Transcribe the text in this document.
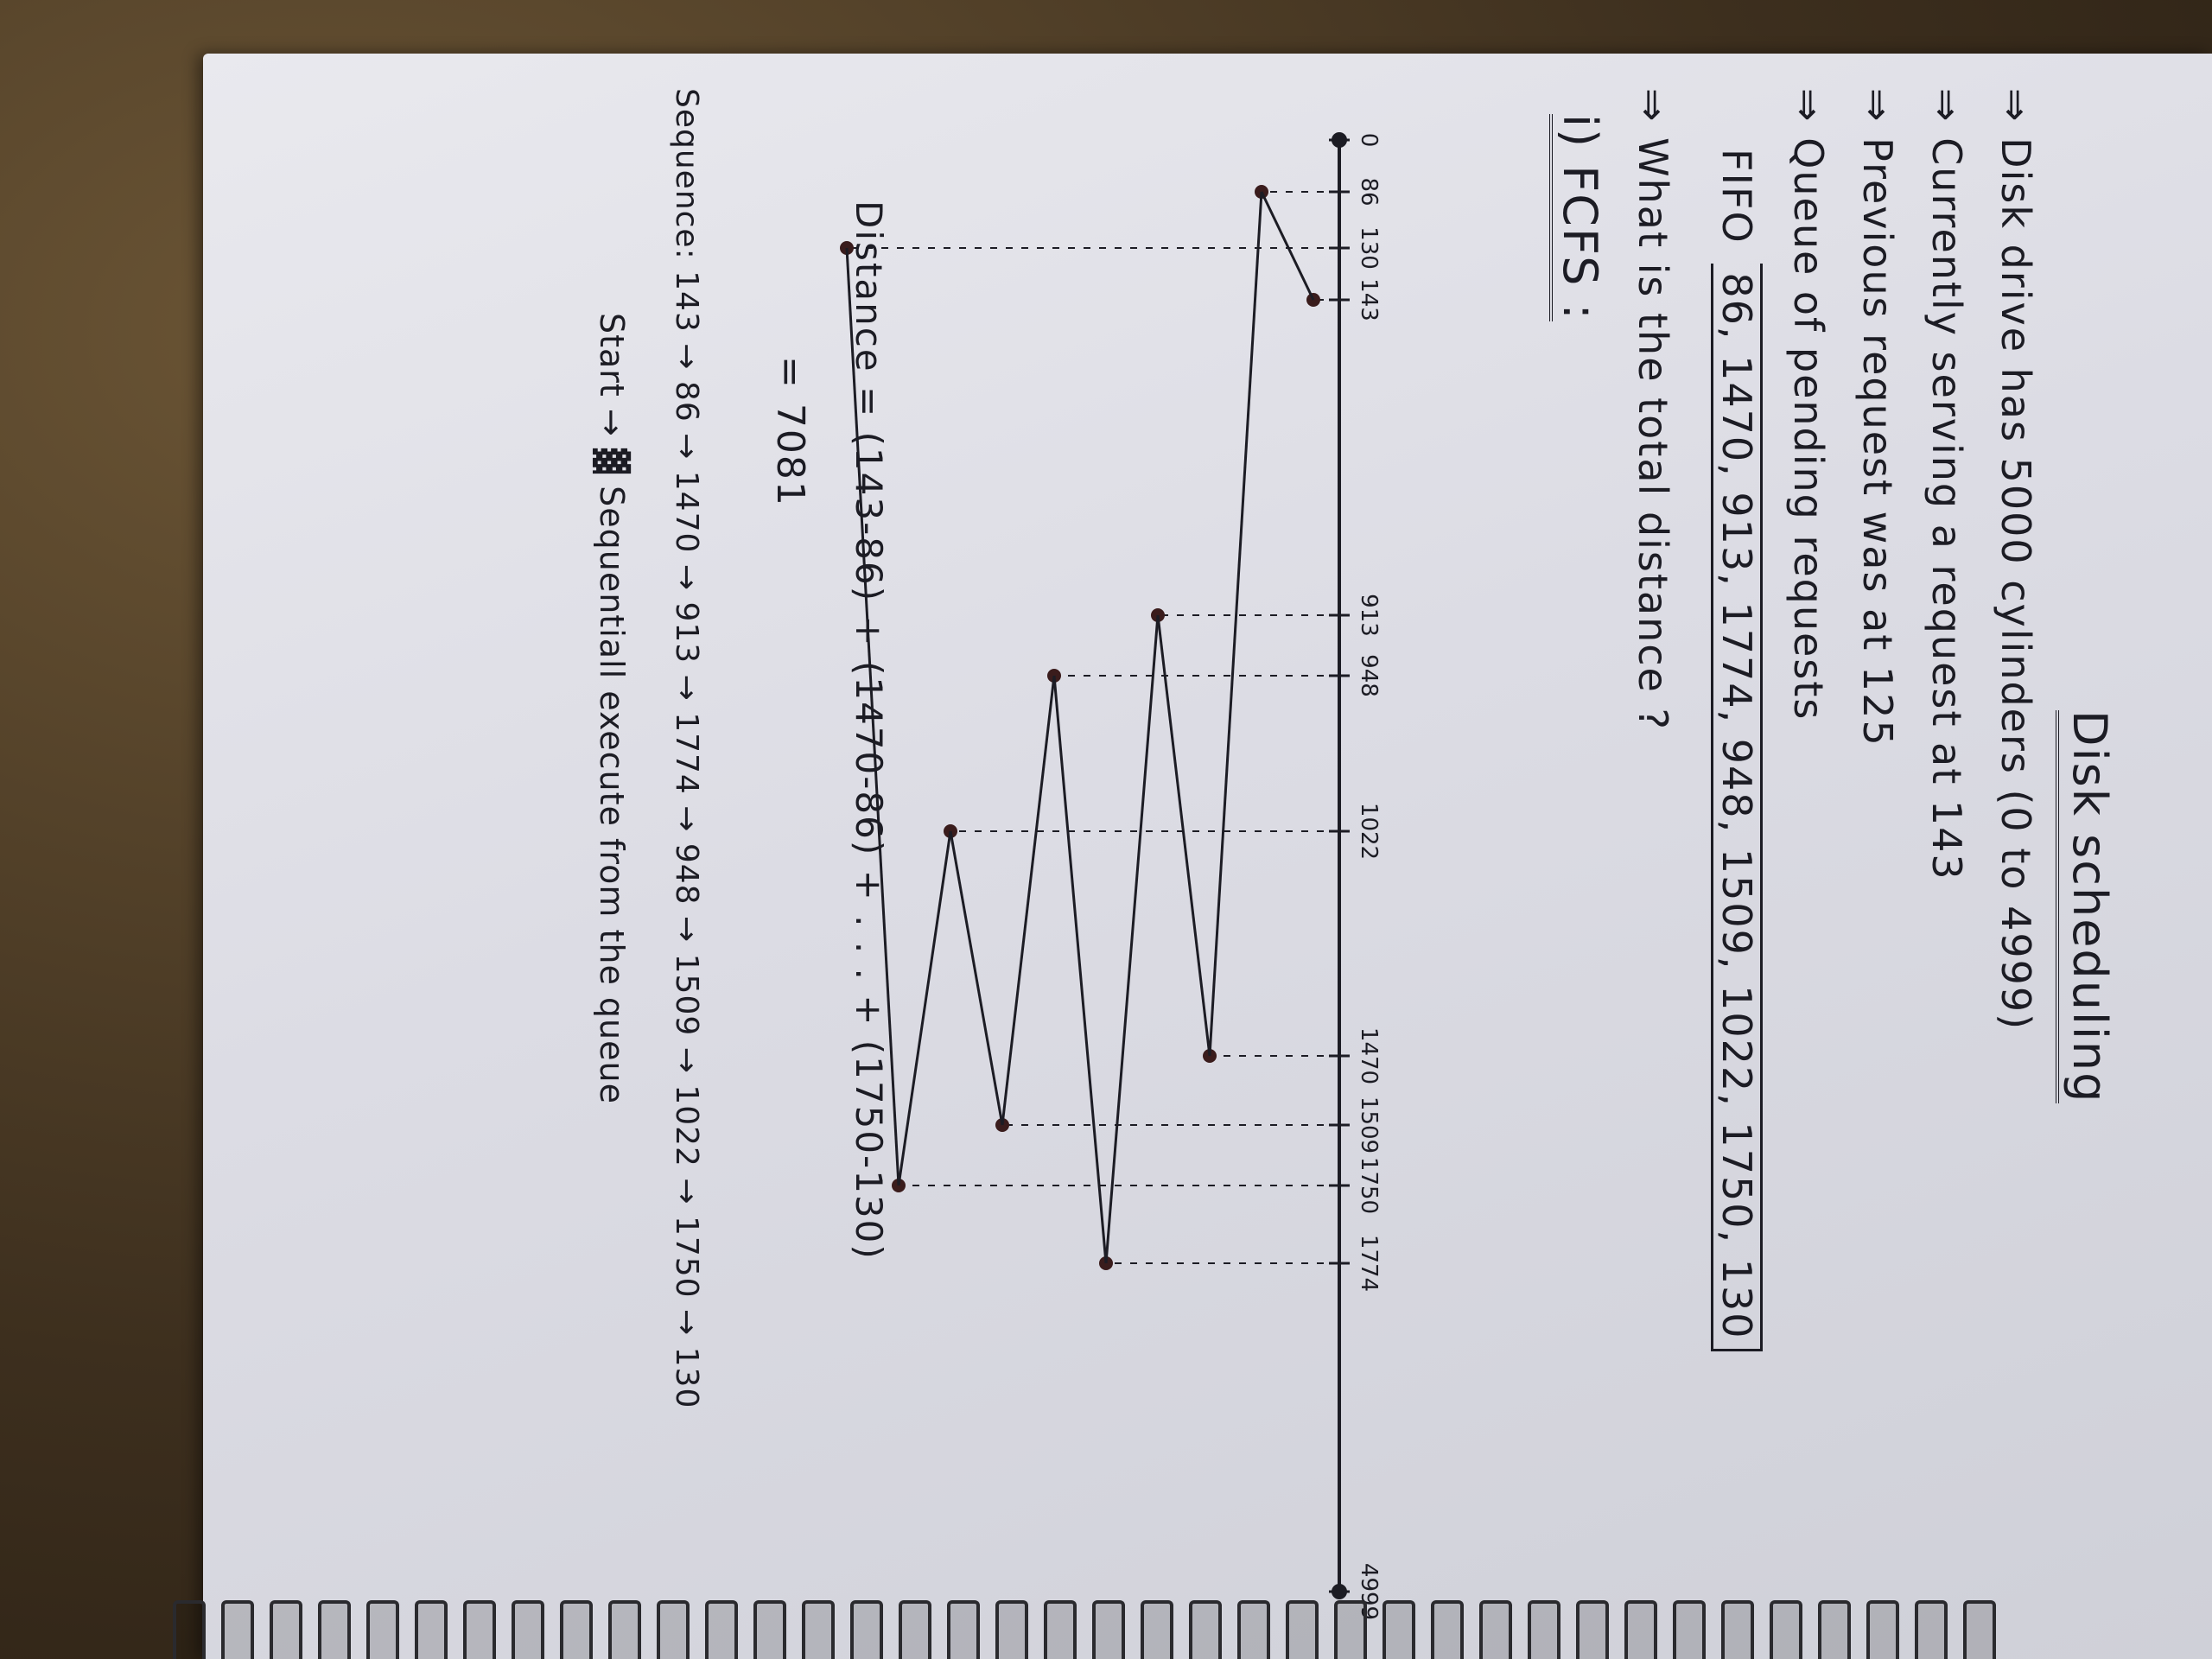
Disk scheduling
⇒ Disk drive has 5000 cylinders (0 to 4999)
⇒ Currently serving a request at 143
⇒ Previous request was at 125
⇒ Queue of pending requests
FIFO 86, 1470, 913, 1774, 948, 1509, 1022, 1750, 130
⇒ What is the total distance ?
i) FCFS :
0
86
130
143
913
948
1022
1470
1509
1750
1774
4999
Distance = (143-86) + (1470-86) + . . . + (1750-130)
= 7081
Sequence: 143 → 86 → 1470 → 913 → 1774 → 948 → 1509 → 1022 → 1750 → 130
Start → ▓ Sequentiall execute from the queue
